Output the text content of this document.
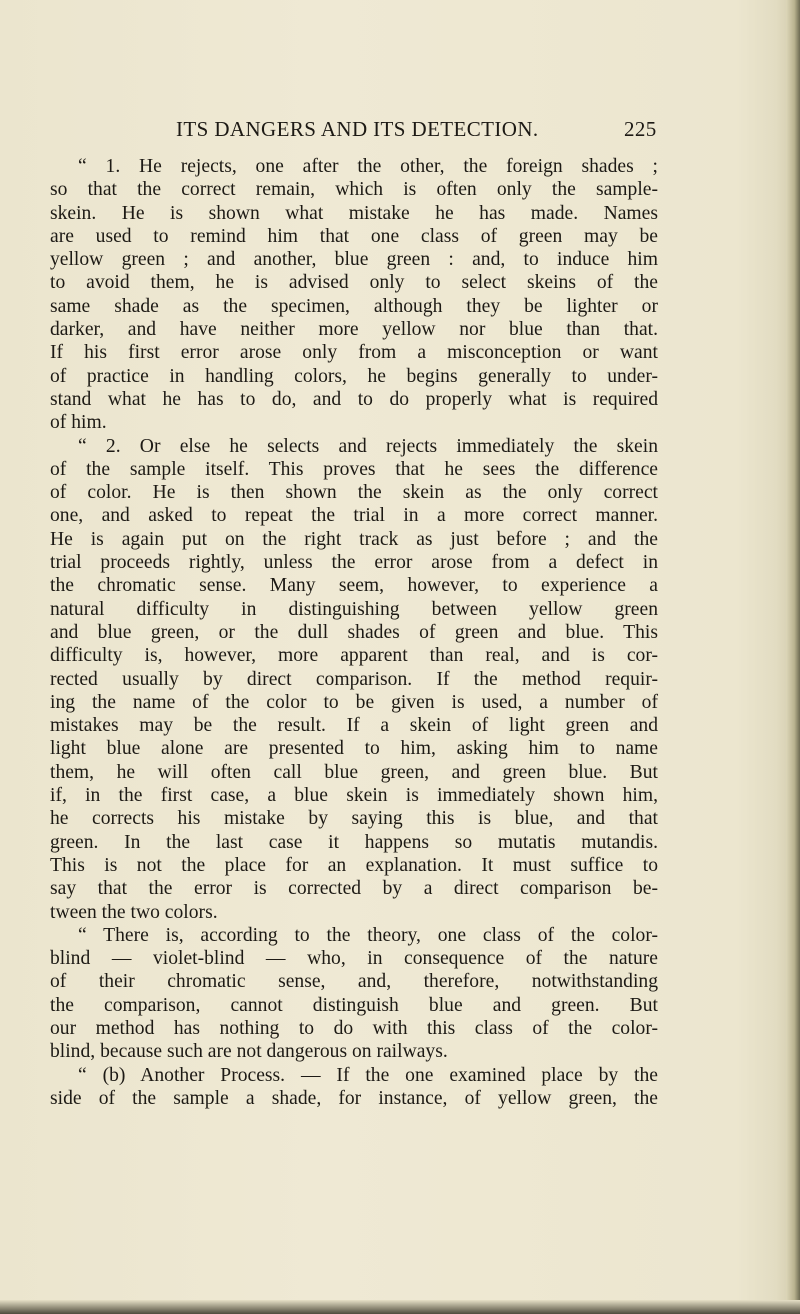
ITS DANGERS AND ITS DETECTION.	225
“ 1. He rejects, one after the other, the foreign shades ;
so that the correct remain, which is often only the sample-
skein. He is shown what mistake he has made. Names
are used to remind him that one class of green may be
yellow green ; and another, blue green : and, to induce him
to avoid them, he is advised only to select skeins of the
same shade as the specimen, although they be lighter or
darker, and have neither more yellow nor blue than that.
If his first error arose only from a misconception or want
of practice in handling colors, he begins generally to under-
stand what he has to do, and to do properly what is required
of him.
“ 2. Or else he selects and rejects immediately the skein
of the sample itself. This proves that he sees the difference
of color. He is then shown the skein as the only correct
one, and asked to repeat the trial in a more correct manner.
He is again put on the right track as just before ; and the
trial proceeds rightly, unless the error arose from a defect in
the chromatic sense. Many seem, however, to experience a
natural difficulty in distinguishing between yellow green
and blue green, or the dull shades of green and blue. This
difficulty is, however, more apparent than real, and is cor-
rected usually by direct comparison. If the method requir-
ing the name of the color to be given is used, a number of
mistakes may be the result. If a skein of light green and
light blue alone are presented to him, asking him to name
them, he will often call blue green, and green blue. But
if, in the first case, a blue skein is immediately shown him,
he corrects his mistake by saying this is blue, and that
green. In the last case it happens so mutatis mutandis.
This is not the place for an explanation. It must suffice to
say that the error is corrected by a direct comparison be-
tween the two colors.
“ There is, according to the theory, one class of the color-
blind — violet-blind — who, in consequence of the nature
of their chromatic sense, and, therefore, notwithstanding
the comparison, cannot distinguish blue and green. But
our method has nothing to do with this class of the color-
blind, because such are not dangerous on railways.
“ (b) Another Process. — If the one examined place by the
side of the sample a shade, for instance, of yellow green, the
